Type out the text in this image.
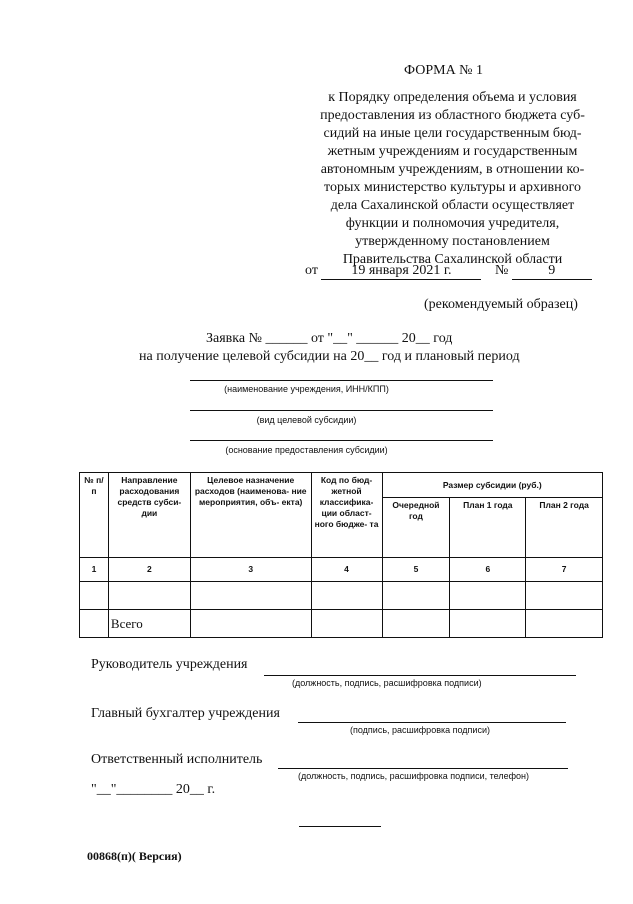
ФОРМА № 1
к Порядку определения объема и условия
предоставления из областного бюджета суб-
сидий на иные цели государственным бюд-
жетным учреждениям и государственным
автономным учреждениям, в отношении ко-
торых министерство культуры и архивного
дела Сахалинской области осуществляет
функции и полномочия учредителя,
утвержденному постановлением
Правительства Сахалинской области
от 19 января 2021 г.	№	9
(рекомендуемый образец)
Заявка № ______ от "__" ______ 20__ год
на получение целевой субсидии на 20__ год и плановый период
(наименование учреждения, ИНН/КПП)
(вид целевой субсидии)
(основание предоставления субсидии)
№ п/п	Направление расходования средств субси- дии	Целевое назначение расходов (наименова- ние мероприятия, объ- екта)	Код по бюд- жетной классифика- ции област- ного бюдже- та	Размер субсидии (руб.)		
				Очередной год	План 1 года	План 2 года
1	2	3	4	5	6	7

	Всего					
Руководитель учреждения
(должность, подпись, расшифровка подписи)
Главный бухгалтер учреждения
(подпись, расшифровка подписи)
Ответственный исполнитель
(должность, подпись, расшифровка подписи, телефон)
"__"________ 20__ г.
00868(п)( Версия)
